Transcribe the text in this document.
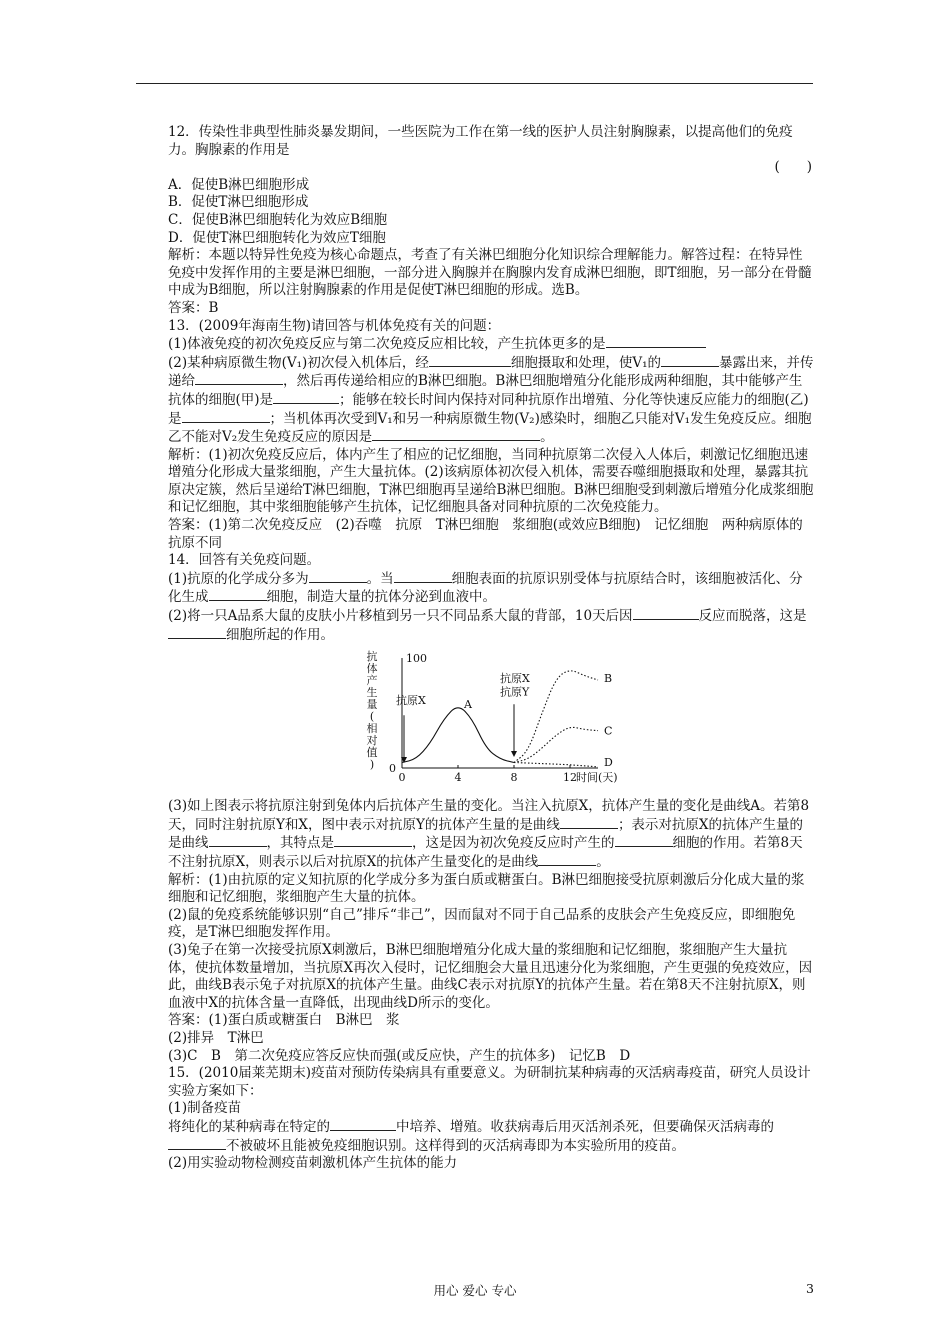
12．传染性非典型性肺炎暴发期间，一些医院为工作在第一线的医护人员注射胸腺素，以提高他们的免疫力。胸腺素的作用是

(　　)

A．促使B淋巴细胞形成

B．促使T淋巴细胞形成

C．促使B淋巴细胞转化为效应B细胞

D．促使T淋巴细胞转化为效应T细胞

解析：本题以特异性免疫为核心命题点，考查了有关淋巴细胞分化知识综合理解能力。解答过程：在特异性免疫中发挥作用的主要是淋巴细胞，一部分进入胸腺并在胸腺内发育成淋巴细胞，即T细胞，另一部分在骨髓中成为B细胞，所以注射胸腺素的作用是促使T淋巴细胞的形成。选B。

答案：B

13．(2009年海南生物)请回答与机体免疫有关的问题：

(1)体液免疫的初次免疫反应与第二次免疫反应相比较，产生抗体更多的是

(2)某种病原微生物(V₁)初次侵入机体后，经	细胞摄取和处理，使V₁的	暴露出来，并传递给	，然后再传递给相应的B淋巴细胞。B淋巴细胞增殖分化能形成两种细胞，其中能够产生抗体的细胞(甲)是	；能够在较长时间内保持对同种抗原作出增殖、分化等快速反应能力的细胞(乙)是	；当机体再次受到V₁和另一种病原微生物(V₂)感染时，细胞乙只能对V₁发生免疫反应。细胞乙不能对V₂发生免疫反应的原因是	。

解析：(1)初次免疫反应后，体内产生了相应的记忆细胞，当同种抗原第二次侵入人体后，刺激记忆细胞迅速增殖分化形成大量浆细胞，产生大量抗体。(2)该病原体初次侵入机体，需要吞噬细胞摄取和处理，暴露其抗原决定簇，然后呈递给T淋巴细胞，T淋巴细胞再呈递给B淋巴细胞。B淋巴细胞受到刺激后增殖分化成浆细胞和记忆细胞，其中浆细胞能够产生抗体，记忆细胞具备对同种抗原的二次免疫能力。

答案：(1)第二次免疫反应　(2)吞噬　抗原　T淋巴细胞　浆细胞(或效应B细胞)　记忆细胞　两种病原体的抗原不同

14．回答有关免疫问题。

(1)抗原的化学成分多为	。当	细胞表面的抗原识别受体与抗原结合时，该细胞被活化、分化生成	细胞，制造大量的抗体分泌到血液中。

(2)将一只A品系大鼠的皮肤小片移植到另一只不同品系大鼠的背部，10天后因	反应而脱落，这是细胞所起的作用。

抗
体
产
生
量
(
相
对
值
) 0
100
0	4	8	12 时间(天)
A
B
C
D
抗原X
抗原X
抗原Y

(3)如上图表示将抗原注射到兔体内后抗体产生量的变化。当注入抗原X，抗体产生量的变化是曲线A。若第8天，同时注射抗原Y和X，图中表示对抗原Y的抗体产生量的是曲线	；表示对抗原X的抗体产生量的是曲线	，其特点是	，这是因为初次免疫反应时产生的	细胞的作用。若第8天不注射抗原X，则表示以后对抗原X的抗体产生量变化的是曲线	。

解析：(1)由抗原的定义知抗原的化学成分多为蛋白质或糖蛋白。B淋巴细胞接受抗原刺激后分化成大量的浆细胞和记忆细胞，浆细胞产生大量的抗体。

(2)鼠的免疫系统能够识别“自己”排斥“非己”，因而鼠对不同于自己品系的皮肤会产生免疫反应，即细胞免疫，是T淋巴细胞发挥作用。

(3)兔子在第一次接受抗原X刺激后，B淋巴细胞增殖分化成大量的浆细胞和记忆细胞，浆细胞产生大量抗体，使抗体数量增加，当抗原X再次入侵时，记忆细胞会大量且迅速分化为浆细胞，产生更强的免疫效应，因此，曲线B表示兔子对抗原X的抗体产生量。曲线C表示对抗原Y的抗体产生量。若在第8天不注射抗原X，则血液中X的抗体含量一直降低，出现曲线D所示的变化。

答案：(1)蛋白质或糖蛋白　B淋巴　浆

(2)排异　T淋巴

(3)C　B　第二次免疫应答反应快而强(或反应快，产生的抗体多)　记忆B　D

15．(2010届莱芜期末)疫苗对预防传染病具有重要意义。为研制抗某种病毒的灭活病毒疫苗，研究人员设计实验方案如下：

(1)制备疫苗

将纯化的某种病毒在特定的	中培养、增殖。收获病毒后用灭活剂杀死，但要确保灭活病毒的不被破坏且能被免疫细胞识别。这样得到的灭活病毒即为本实验所用的疫苗。

(2)用实验动物检测疫苗刺激机体产生抗体的能力

用心 爱心 专心	3
